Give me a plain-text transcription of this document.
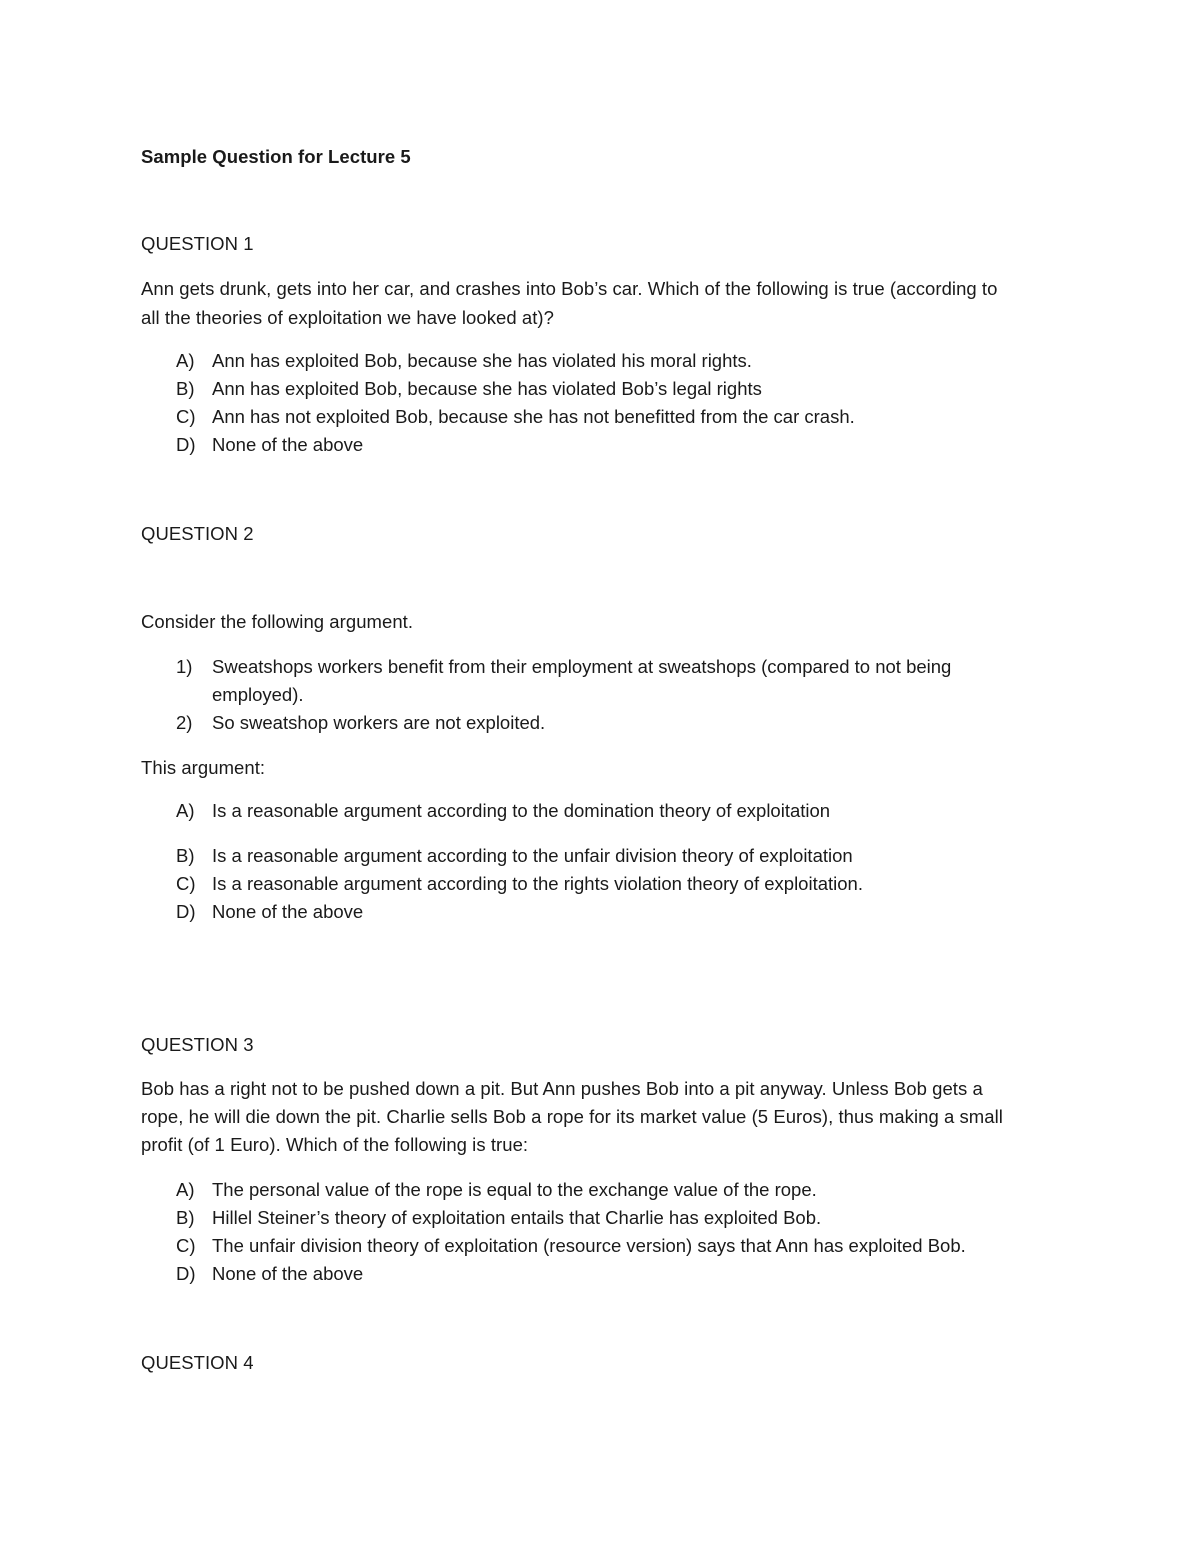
Sample Question for Lecture 5
QUESTION 1
Ann gets drunk, gets into her car, and crashes into Bob’s car. Which of the following is true (according to
all the theories of exploitation we have looked at)?
A) Ann has exploited Bob, because she has violated his moral rights.
B) Ann has exploited Bob, because she has violated Bob’s legal rights
C) Ann has not exploited Bob, because she has not benefitted from the car crash.
D) None of the above
QUESTION 2
Consider the following argument.
1) Sweatshops workers benefit from their employment at sweatshops (compared to not being
employed).
2) So sweatshop workers are not exploited.
This argument:
A) Is a reasonable argument according to the domination theory of exploitation
B) Is a reasonable argument according to the unfair division theory of exploitation
C) Is a reasonable argument according to the rights violation theory of exploitation.
D) None of the above
QUESTION 3
Bob has a right not to be pushed down a pit. But Ann pushes Bob into a pit anyway. Unless Bob gets a
rope, he will die down the pit. Charlie sells Bob a rope for its market value (5 Euros), thus making a small
profit (of 1 Euro). Which of the following is true:
A) The personal value of the rope is equal to the exchange value of the rope.
B) Hillel Steiner’s theory of exploitation entails that Charlie has exploited Bob.
C) The unfair division theory of exploitation (resource version) says that Ann has exploited Bob.
D) None of the above
QUESTION 4
